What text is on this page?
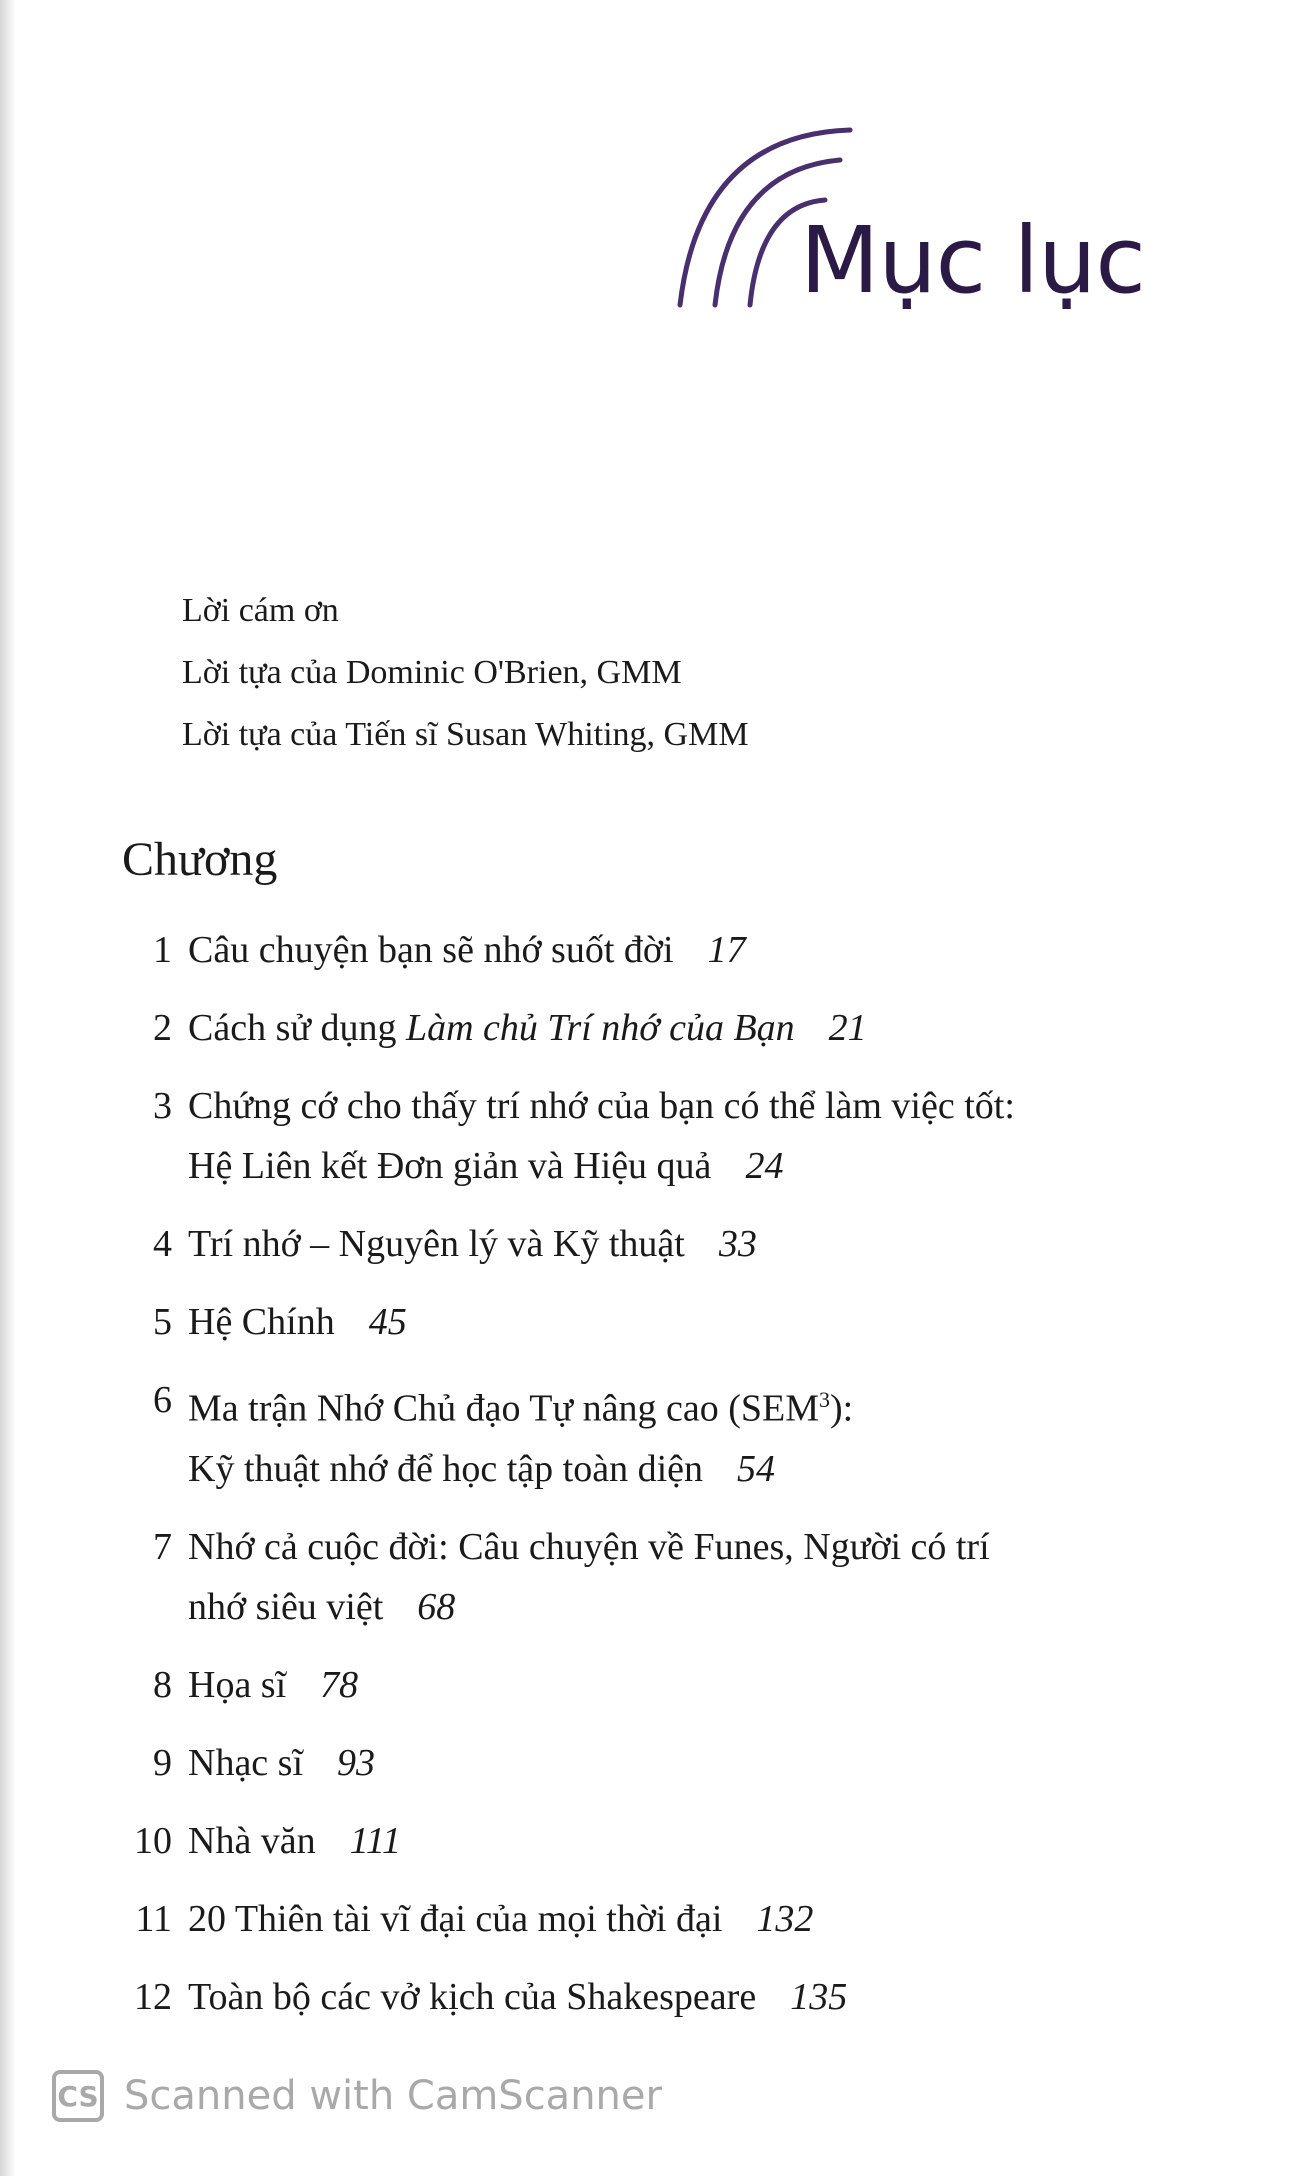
Mục lục
Lời cám ơn
Lời tựa của Dominic O'Brien, GMM
Lời tựa của Tiến sĩ Susan Whiting, GMM
Chương
1 Câu chuyện bạn sẽ nhớ suốt đời 17
2 Cách sử dụng Làm chủ Trí nhớ của Bạn 21
3 Chứng cớ cho thấy trí nhớ của bạn có thể làm việc tốt:
Hệ Liên kết Đơn giản và Hiệu quả 24
4 Trí nhớ – Nguyên lý và Kỹ thuật 33
5 Hệ Chính 45
6 Ma trận Nhớ Chủ đạo Tự nâng cao (SEM$^3$):
Kỹ thuật nhớ để học tập toàn diện 54
7 Nhớ cả cuộc đời: Câu chuyện về Funes, Người có trí
nhớ siêu việt 68
8 Họa sĩ 78
9 Nhạc sĩ 93
10 Nhà văn 111
11 20 Thiên tài vĩ đại của mọi thời đại 132
12 Toàn bộ các vở kịch của Shakespeare 135
CS Scanned with CamScanner
